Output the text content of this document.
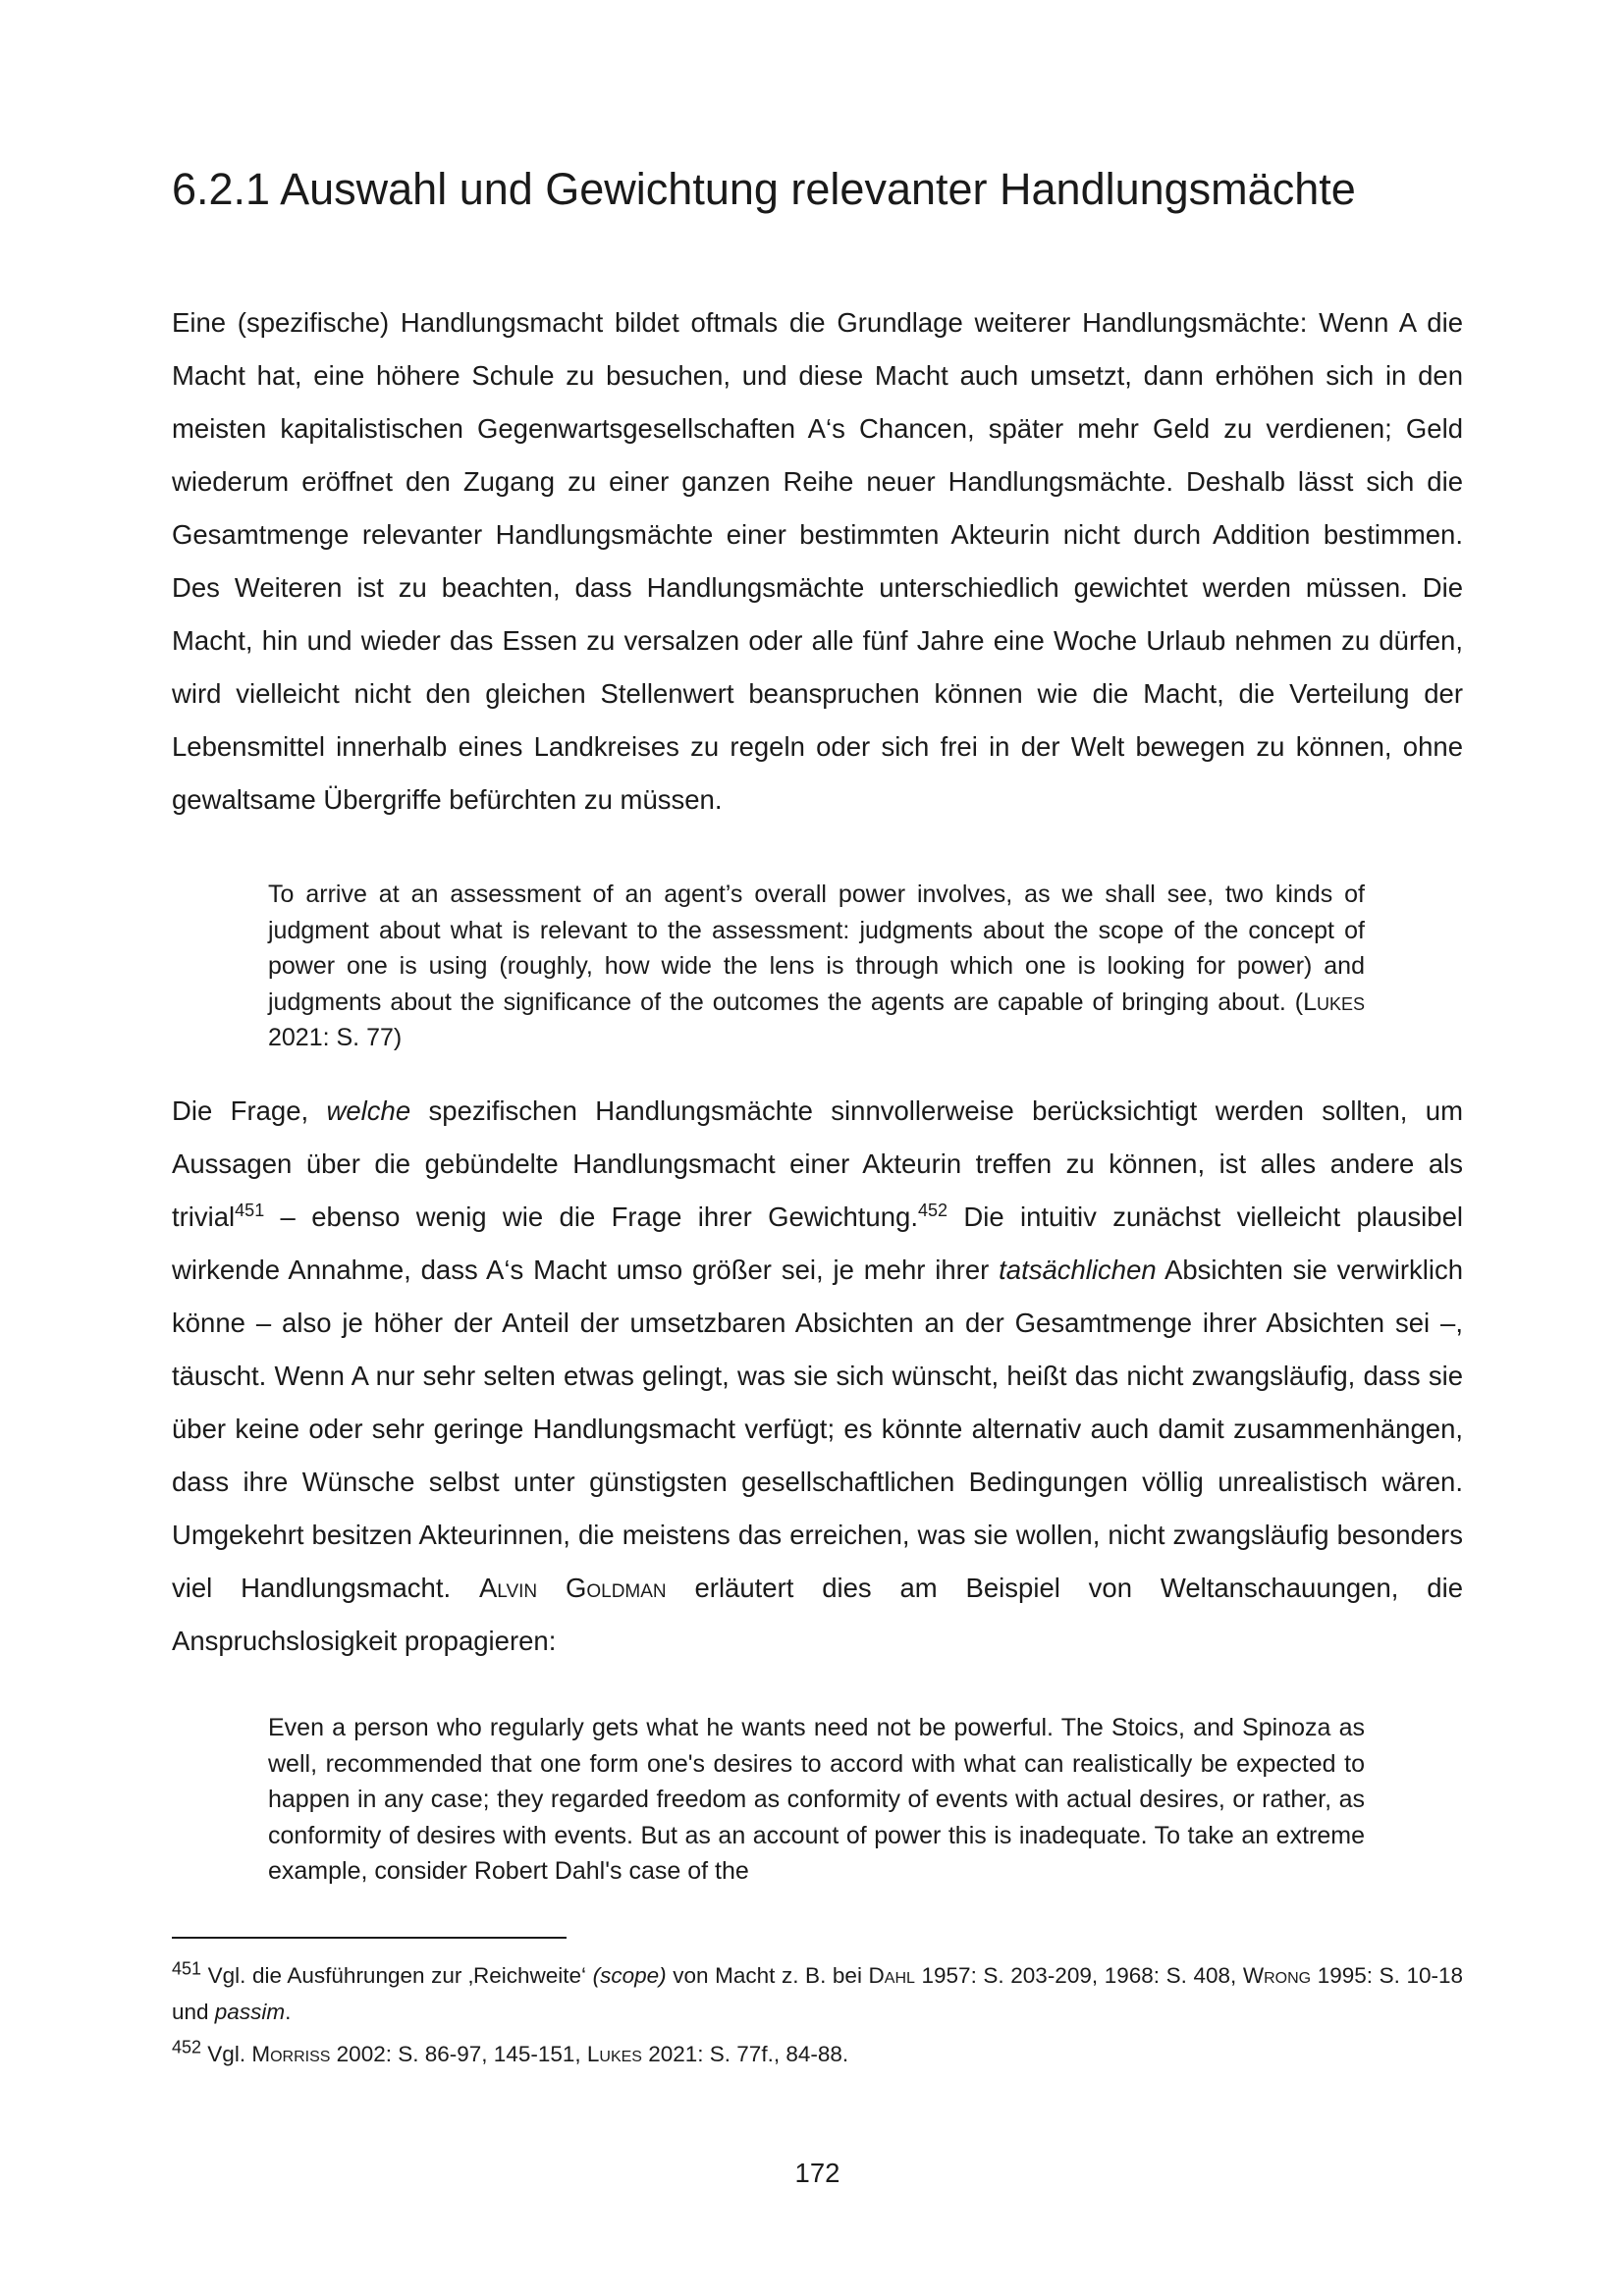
6.2.1 Auswahl und Gewichtung relevanter Handlungsmächte

Eine (spezifische) Handlungsmacht bildet oftmals die Grundlage weiterer Handlungsmächte: Wenn A die Macht hat, eine höhere Schule zu besuchen, und diese Macht auch umsetzt, dann erhöhen sich in den meisten kapitalistischen Gegenwartsgesellschaften A‘s Chancen, später mehr Geld zu verdienen; Geld wiederum eröffnet den Zugang zu einer ganzen Reihe neuer Handlungsmächte. Deshalb lässt sich die Gesamtmenge relevanter Handlungsmächte einer bestimmten Akteurin nicht durch Addition bestimmen. Des Weiteren ist zu beachten, dass Handlungsmächte unterschiedlich gewichtet werden müssen. Die Macht, hin und wieder das Essen zu versalzen oder alle fünf Jahre eine Woche Urlaub nehmen zu dürfen, wird vielleicht nicht den gleichen Stellenwert beanspruchen können wie die Macht, die Verteilung der Lebensmittel innerhalb eines Landkreises zu regeln oder sich frei in der Welt bewegen zu können, ohne gewaltsame Übergriffe befürchten zu müssen.

To arrive at an assessment of an agent’s overall power involves, as we shall see, two kinds of judgment about what is relevant to the assessment: judgments about the scope of the concept of power one is using (roughly, how wide the lens is through which one is looking for power) and judgments about the significance of the outcomes the agents are capable of bringing about. (Lukes 2021: S. 77)

Die Frage, welche spezifischen Handlungsmächte sinnvollerweise berücksichtigt werden sollten, um Aussagen über die gebündelte Handlungsmacht einer Akteurin treffen zu können, ist alles andere als trivial$^{451}$ – ebenso wenig wie die Frage ihrer Gewichtung.$^{452}$ Die intuitiv zunächst vielleicht plausibel wirkende Annahme, dass A‘s Macht umso größer sei, je mehr ihrer tatsächlichen Absichten sie verwirklich könne – also je höher der Anteil der umsetzbaren Absichten an der Gesamtmenge ihrer Absichten sei –, täuscht. Wenn A nur sehr selten etwas gelingt, was sie sich wünscht, heißt das nicht zwangsläufig, dass sie über keine oder sehr geringe Handlungsmacht verfügt; es könnte alternativ auch damit zusammenhängen, dass ihre Wünsche selbst unter günstigsten gesellschaftlichen Bedingungen völlig unrealistisch wären. Umgekehrt besitzen Akteurinnen, die meistens das erreichen, was sie wollen, nicht zwangsläufig besonders viel Handlungsmacht. Alvin Goldman erläutert dies am Beispiel von Weltanschauungen, die Anspruchslosigkeit propagieren:

Even a person who regularly gets what he wants need not be powerful. The Stoics, and Spinoza as well, recommended that one form one's desires to accord with what can realistically be expected to happen in any case; they regarded freedom as conformity of events with actual desires, or rather, as conformity of desires with events. But as an account of power this is inadequate. To take an extreme example, consider Robert Dahl's case of the

$^{451}$ Vgl. die Ausführungen zur ‚Reichweite‘ (scope) von Macht z. B. bei Dahl 1957: S. 203-209, 1968: S. 408, Wrong 1995: S. 10-18 und passim.

$^{452}$ Vgl. Morriss 2002: S. 86-97, 145-151, Lukes 2021: S. 77f., 84-88.

172
